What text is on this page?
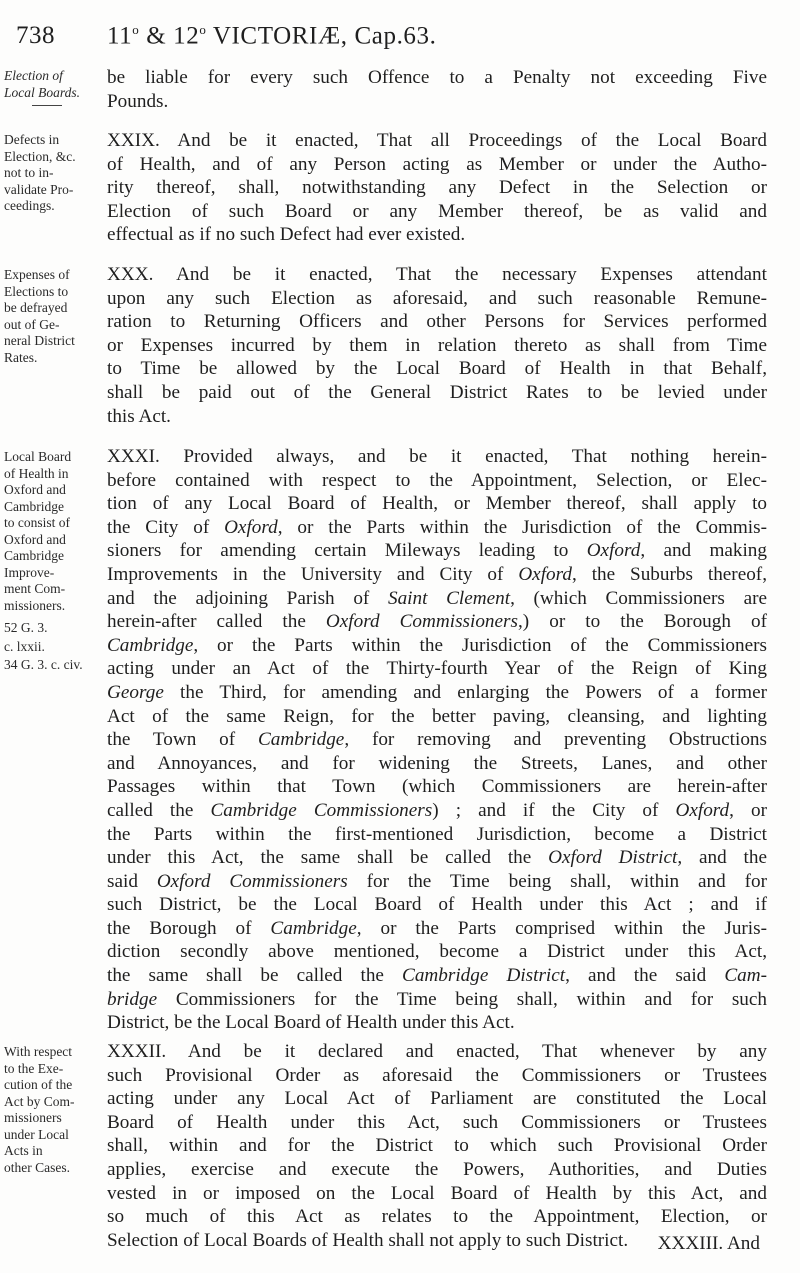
738 11$^o$ & 12$^o$ VICTORIÆ, Cap.63.
Election of
Local Boards.
be liable for every such Offence to a Penalty not exceeding Five
Pounds.
Defects in
Election, &c.
not to in-
validate Pro-
ceedings.
XXIX. And be it enacted, That all Proceedings of the Local Board
of Health, and of any Person acting as Member or under the Autho-
rity thereof, shall, notwithstanding any Defect in the Selection or
Election of such Board or any Member thereof, be as valid and
effectual as if no such Defect had ever existed.
Expenses of
Elections to
be defrayed
out of Ge-
neral District
Rates.
XXX. And be it enacted, That the necessary Expenses attendant
upon any such Election as aforesaid, and such reasonable Remune-
ration to Returning Officers and other Persons for Services performed
or Expenses incurred by them in relation thereto as shall from Time
to Time be allowed by the Local Board of Health in that Behalf,
shall be paid out of the General District Rates to be levied under
this Act.
Local Board
of Health in
Oxford and
Cambridge
to consist of
Oxford and
Cambridge
Improve-
ment Com-
missioners.
52 G. 3.
c. lxxii.
34 G. 3. c. civ.
XXXI. Provided always, and be it enacted, That nothing herein-
before contained with respect to the Appointment, Selection, or Elec-
tion of any Local Board of Health, or Member thereof, shall apply to
the City of Oxford, or the Parts within the Jurisdiction of the Commis-
sioners for amending certain Mileways leading to Oxford, and making
Improvements in the University and City of Oxford, the Suburbs thereof,
and the adjoining Parish of Saint Clement, (which Commissioners are
herein-after called the Oxford Commissioners,) or to the Borough of
Cambridge, or the Parts within the Jurisdiction of the Commissioners
acting under an Act of the Thirty-fourth Year of the Reign of King
George the Third, for amending and enlarging the Powers of a former
Act of the same Reign, for the better paving, cleansing, and lighting
the Town of Cambridge, for removing and preventing Obstructions
and Annoyances, and for widening the Streets, Lanes, and other
Passages within that Town (which Commissioners are herein-after
called the Cambridge Commissioners) ; and if the City of Oxford, or
the Parts within the first-mentioned Jurisdiction, become a District
under this Act, the same shall be called the Oxford District, and the
said Oxford Commissioners for the Time being shall, within and for
such District, be the Local Board of Health under this Act ; and if
the Borough of Cambridge, or the Parts comprised within the Juris-
diction secondly above mentioned, become a District under this Act,
the same shall be called the Cambridge District, and the said Cam-
bridge Commissioners for the Time being shall, within and for such
District, be the Local Board of Health under this Act.
With respect
to the Exe-
cution of the
Act by Com-
missioners
under Local
Acts in
other Cases.
XXXII. And be it declared and enacted, That whenever by any
such Provisional Order as aforesaid the Commissioners or Trustees
acting under any Local Act of Parliament are constituted the Local
Board of Health under this Act, such Commissioners or Trustees
shall, within and for the District to which such Provisional Order
applies, exercise and execute the Powers, Authorities, and Duties
vested in or imposed on the Local Board of Health by this Act, and
so much of this Act as relates to the Appointment, Election, or
Selection of Local Boards of Health shall not apply to such District.	XXXIII. And
